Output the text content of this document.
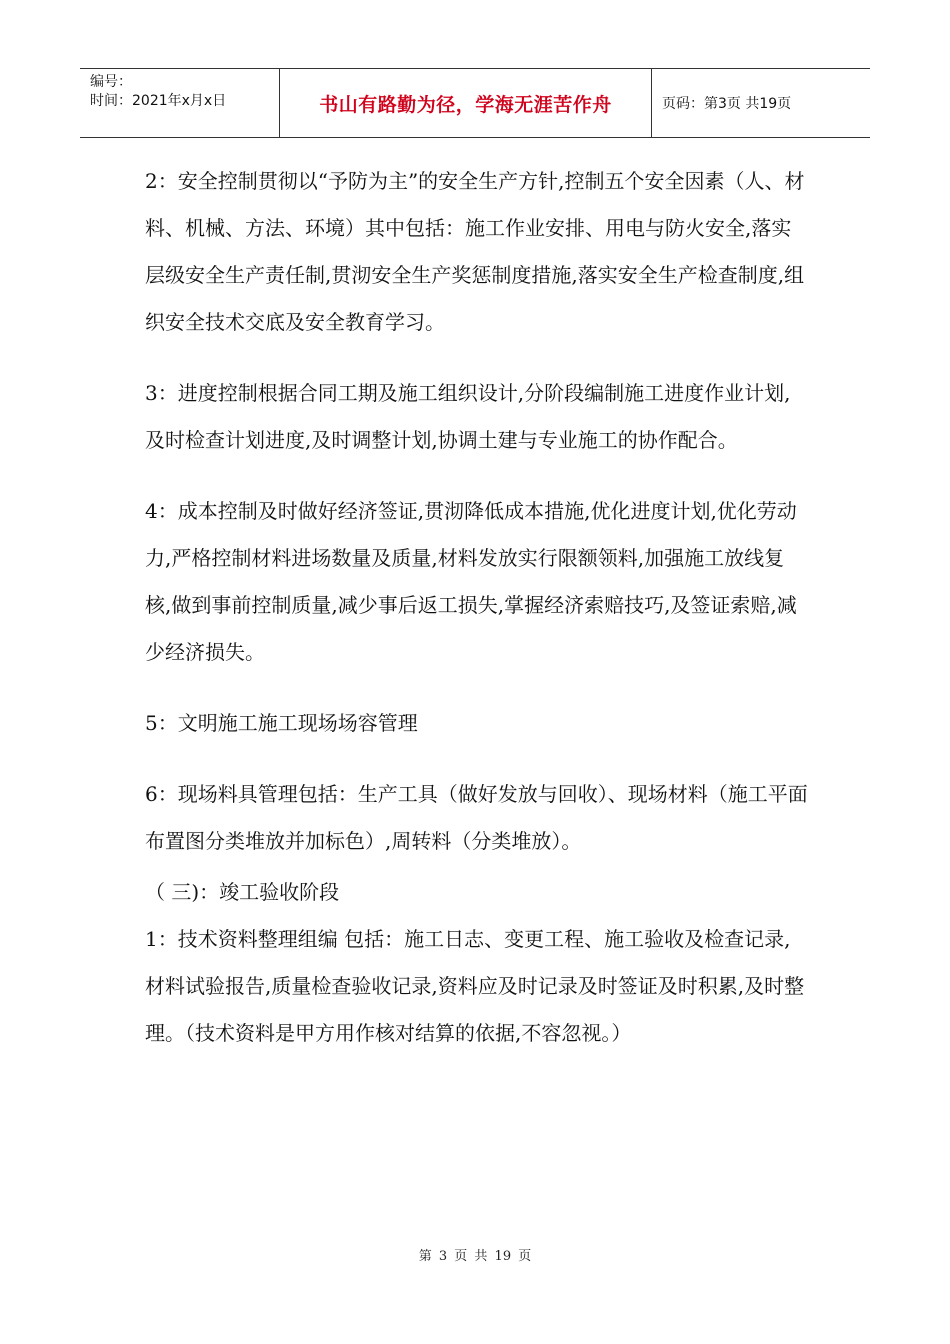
编号：
时间：2021年x月x日	书山有路勤为径，学海无涯苦作舟	页码：第3页 共19页

2：安全控制贯彻以“予防为主”的安全生产方针,控制五个安全因素（人、材料、机械、方法、环境）其中包括：施工作业安排、用电与防火安全,落实层级安全生产责任制,贯沏安全生产奖惩制度措施,落实安全生产检查制度,组织安全技术交底及安全教育学习。

3：进度控制根据合同工期及施工组织设计,分阶段编制施工进度作业计划,及时检查计划进度,及时调整计划,协调土建与专业施工的协作配合。

4：成本控制及时做好经济签证,贯沏降低成本措施,优化进度计划,优化劳动力,严格控制材料进场数量及质量,材料发放实行限额领料,加强施工放线复核,做到事前控制质量,减少事后返工损失,掌握经济索赔技巧,及签证索赔,减少经济损失。

5：文明施工施工现场场容管理

6：现场料具管理包括：生产工具（做好发放与回收）、现场材料（施工平面布置图分类堆放并加标色）,周转料（分类堆放）。

（ 三)：竣工验收阶段

1：技术资料整理组编 包括：施工日志、变更工程、施工验收及检查记录,材料试验报告,质量检查验收记录,资料应及时记录及时签证及时积累,及时整理。（技术资料是甲方用作核对结算的依据,不容忽视。）

第 3 页 共 19 页
